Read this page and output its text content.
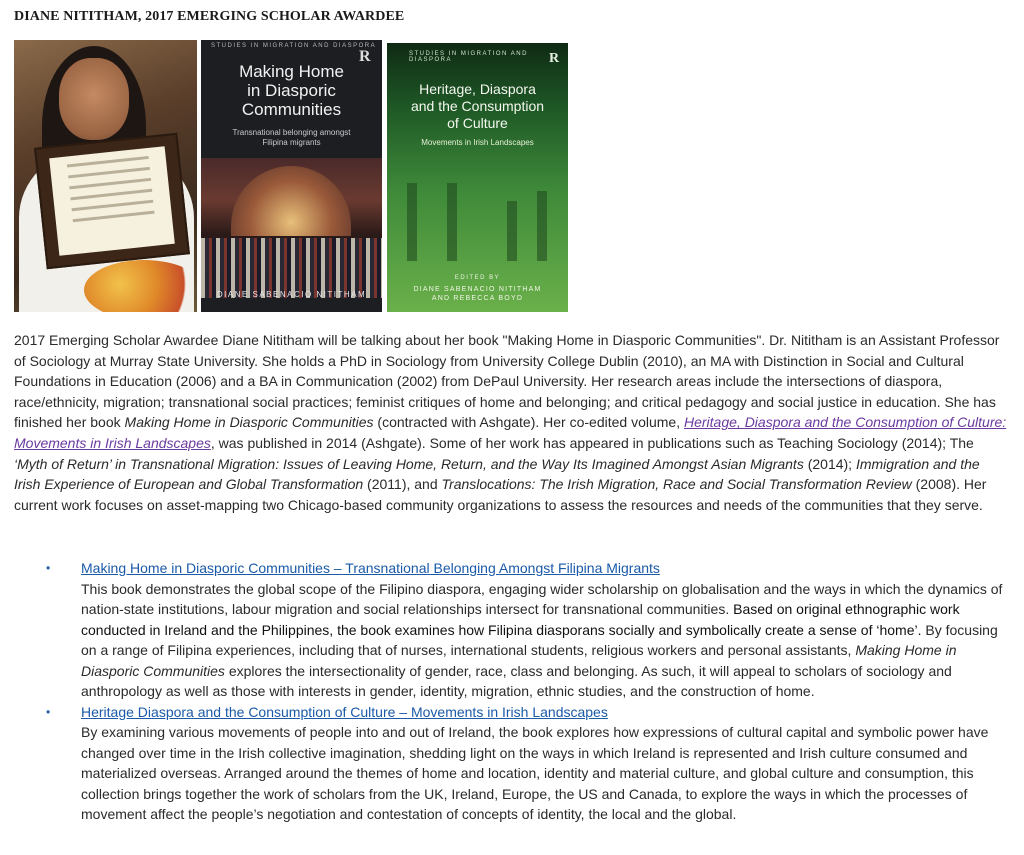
DIANE NITITHAM, 2017 EMERGING SCHOLAR AWARDEE
STUDIES IN MIGRATION AND DIASPORA
R
Making Home
in Diasporic
Communities
Transnational belonging amongst
Filipina migrants
DIANE SABENACIO NITITHAM
STUDIES IN MIGRATION AND DIASPORA	R
Heritage, Diaspora
and the Consumption
of Culture
Movements in Irish Landscapes
EDITED BY
DIANE SABENACIO NITITHAM
AND REBECCA BOYD
2017 Emerging Scholar Awardee Diane Nititham will be talking about her book "Making Home in Diasporic Communities". Dr. Nititham is an Assistant Professor of Sociology at Murray State University. She holds a PhD in Sociology from University College Dublin (2010), an MA with Distinction in Social and Cultural Foundations in Education (2006) and a BA in Communication (2002) from DePaul University. Her research areas include the intersections of diaspora, race/ethnicity, migration; transnational social practices; feminist critiques of home and belonging; and critical pedagogy and social justice in education. She has finished her book Making Home in Diasporic Communities (contracted with Ashgate). Her co-edited volume, Heritage, Diaspora and the Consumption of Culture: Movements in Irish Landscapes, was published in 2014 (Ashgate). Some of her work has appeared in publications such as Teaching Sociology (2014); The ‘Myth of Return’ in Transnational Migration: Issues of Leaving Home, Return, and the Way Its Imagined Amongst Asian Migrants (2014); Immigration and the Irish Experience of European and Global Transformation (2011), and Translocations: The Irish Migration, Race and Social Transformation Review (2008). Her current work focuses on asset-mapping two Chicago-based community organizations to assess the resources and needs of the communities that they serve.
• Making Home in Diasporic Communities – Transnational Belonging Amongst Filipina Migrants
This book demonstrates the global scope of the Filipino diaspora, engaging wider scholarship on globalisation and the ways in which the dynamics of nation-state institutions, labour migration and social relationships intersect for transnational communities. Based on original ethnographic work conducted in Ireland and the Philippines, the book examines how Filipina diasporans socially and symbolically create a sense of ‘home’. By focusing on a range of Filipina experiences, including that of nurses, international students, religious workers and personal assistants, Making Home in Diasporic Communities explores the intersectionality of gender, race, class and belonging. As such, it will appeal to scholars of sociology and anthropology as well as those with interests in gender, identity, migration, ethnic studies, and the construction of home.
• Heritage Diaspora and the Consumption of Culture – Movements in Irish Landscapes
By examining various movements of people into and out of Ireland, the book explores how expressions of cultural capital and symbolic power have changed over time in the Irish collective imagination, shedding light on the ways in which Ireland is represented and Irish culture consumed and materialized overseas. Arranged around the themes of home and location, identity and material culture, and global culture and consumption, this collection brings together the work of scholars from the UK, Ireland, Europe, the US and Canada, to explore the ways in which the processes of movement affect the people’s negotiation and contestation of concepts of identity, the local and the global.
